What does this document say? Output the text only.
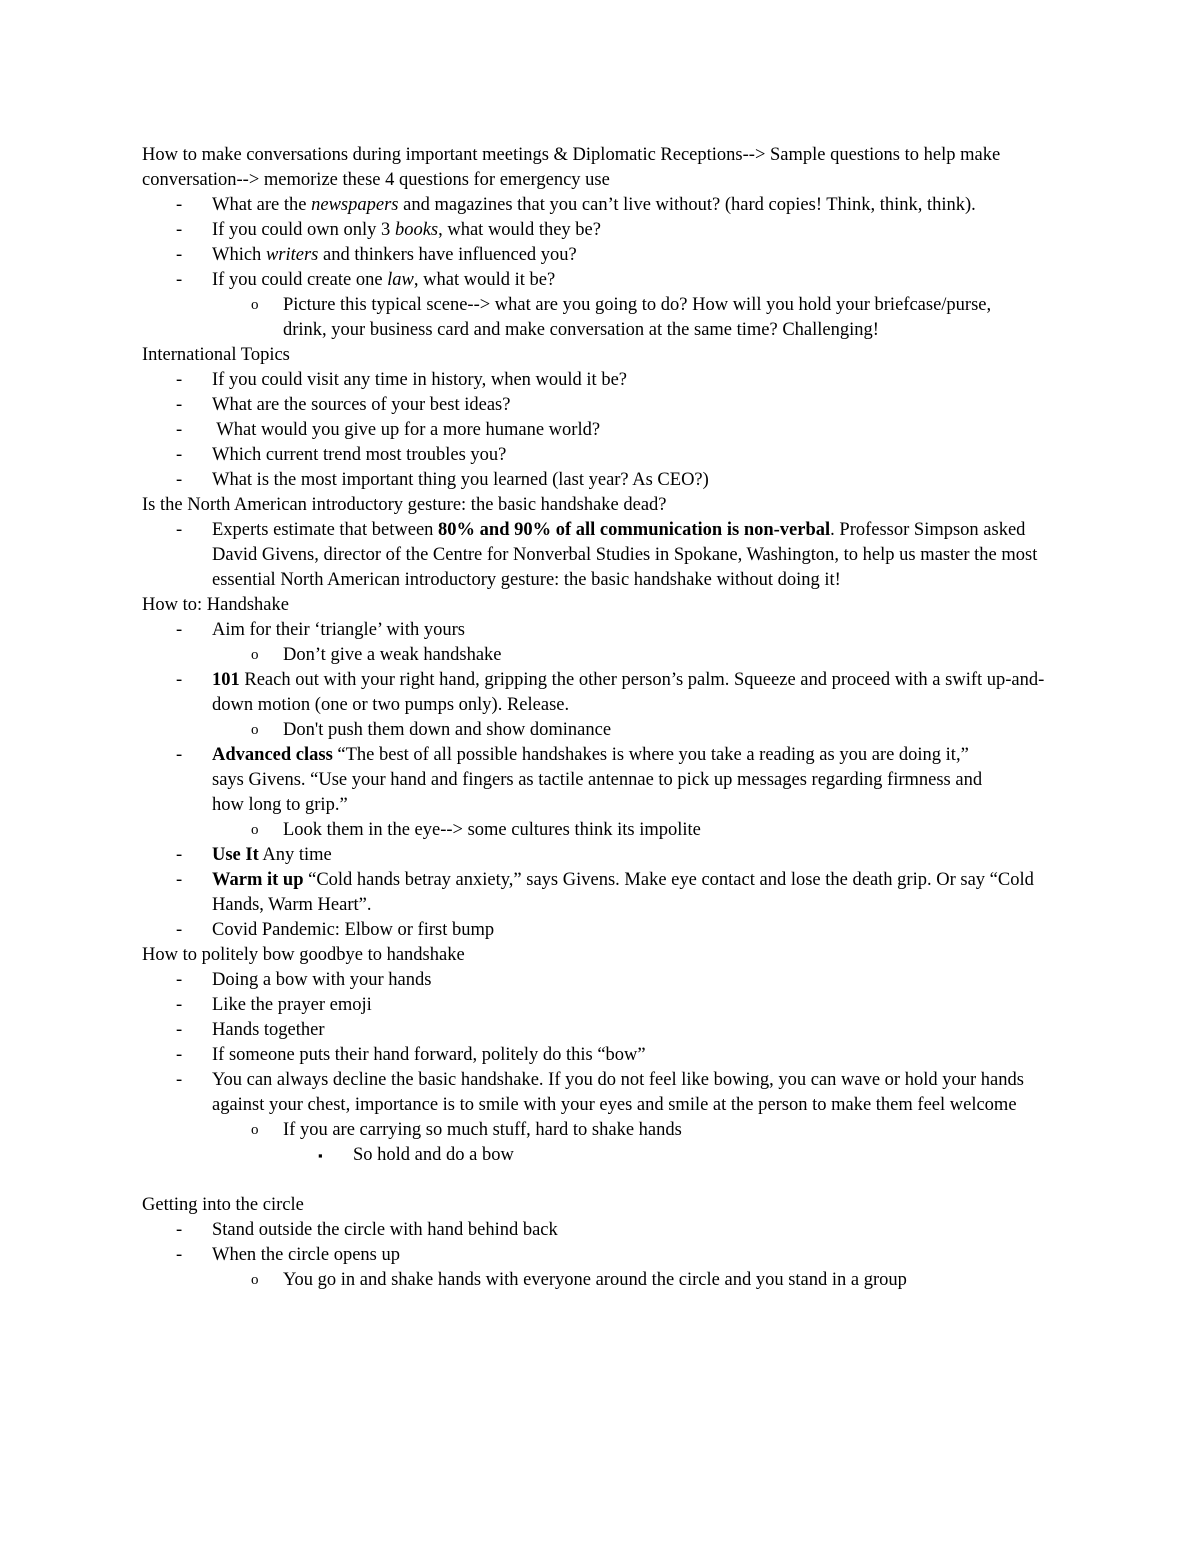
How to make conversations during important meetings & Diplomatic Receptions--> Sample questions to help make conversation--> memorize these 4 questions for emergency use
- What are the newspapers and magazines that you can’t live without? (hard copies! Think, think, think).
- If you could own only 3 books, what would they be?
- Which writers and thinkers have influenced you?
- If you could create one law, what would it be?
o Picture this typical scene--> what are you going to do? How will you hold your briefcase/purse, drink, your business card and make conversation at the same time? Challenging!
International Topics
- If you could visit any time in history, when would it be?
- What are the sources of your best ideas?
- What would you give up for a more humane world?
- Which current trend most troubles you?
- What is the most important thing you learned (last year? As CEO?)
Is the North American introductory gesture: the basic handshake dead?
- Experts estimate that between 80% and 90% of all communication is non-verbal. Professor Simpson asked David Givens, director of the Centre for Nonverbal Studies in Spokane, Washington, to help us master the most essential North American introductory gesture: the basic handshake without doing it!
How to: Handshake
- Aim for their ‘triangle’ with yours
o Don’t give a weak handshake
- 101 Reach out with your right hand, gripping the other person’s palm. Squeeze and proceed with a swift up-and-down motion (one or two pumps only). Release.
o Don't push them down and show dominance
- Advanced class “The best of all possible handshakes is where you take a reading as you are doing it,” says Givens. “Use your hand and fingers as tactile antennae to pick up messages regarding firmness and how long to grip.”
o Look them in the eye--> some cultures think its impolite
- Use It Any time
- Warm it up “Cold hands betray anxiety,” says Givens. Make eye contact and lose the death grip. Or say “Cold Hands, Warm Heart”.
- Covid Pandemic: Elbow or first bump
How to politely bow goodbye to handshake
- Doing a bow with your hands
- Like the prayer emoji
- Hands together
- If someone puts their hand forward, politely do this “bow”
- You can always decline the basic handshake. If you do not feel like bowing, you can wave or hold your hands against your chest, importance is to smile with your eyes and smile at the person to make them feel welcome
o If you are carrying so much stuff, hard to shake hands
▪ So hold and do a bow
Getting into the circle
- Stand outside the circle with hand behind back
- When the circle opens up
o You go in and shake hands with everyone around the circle and you stand in a group
